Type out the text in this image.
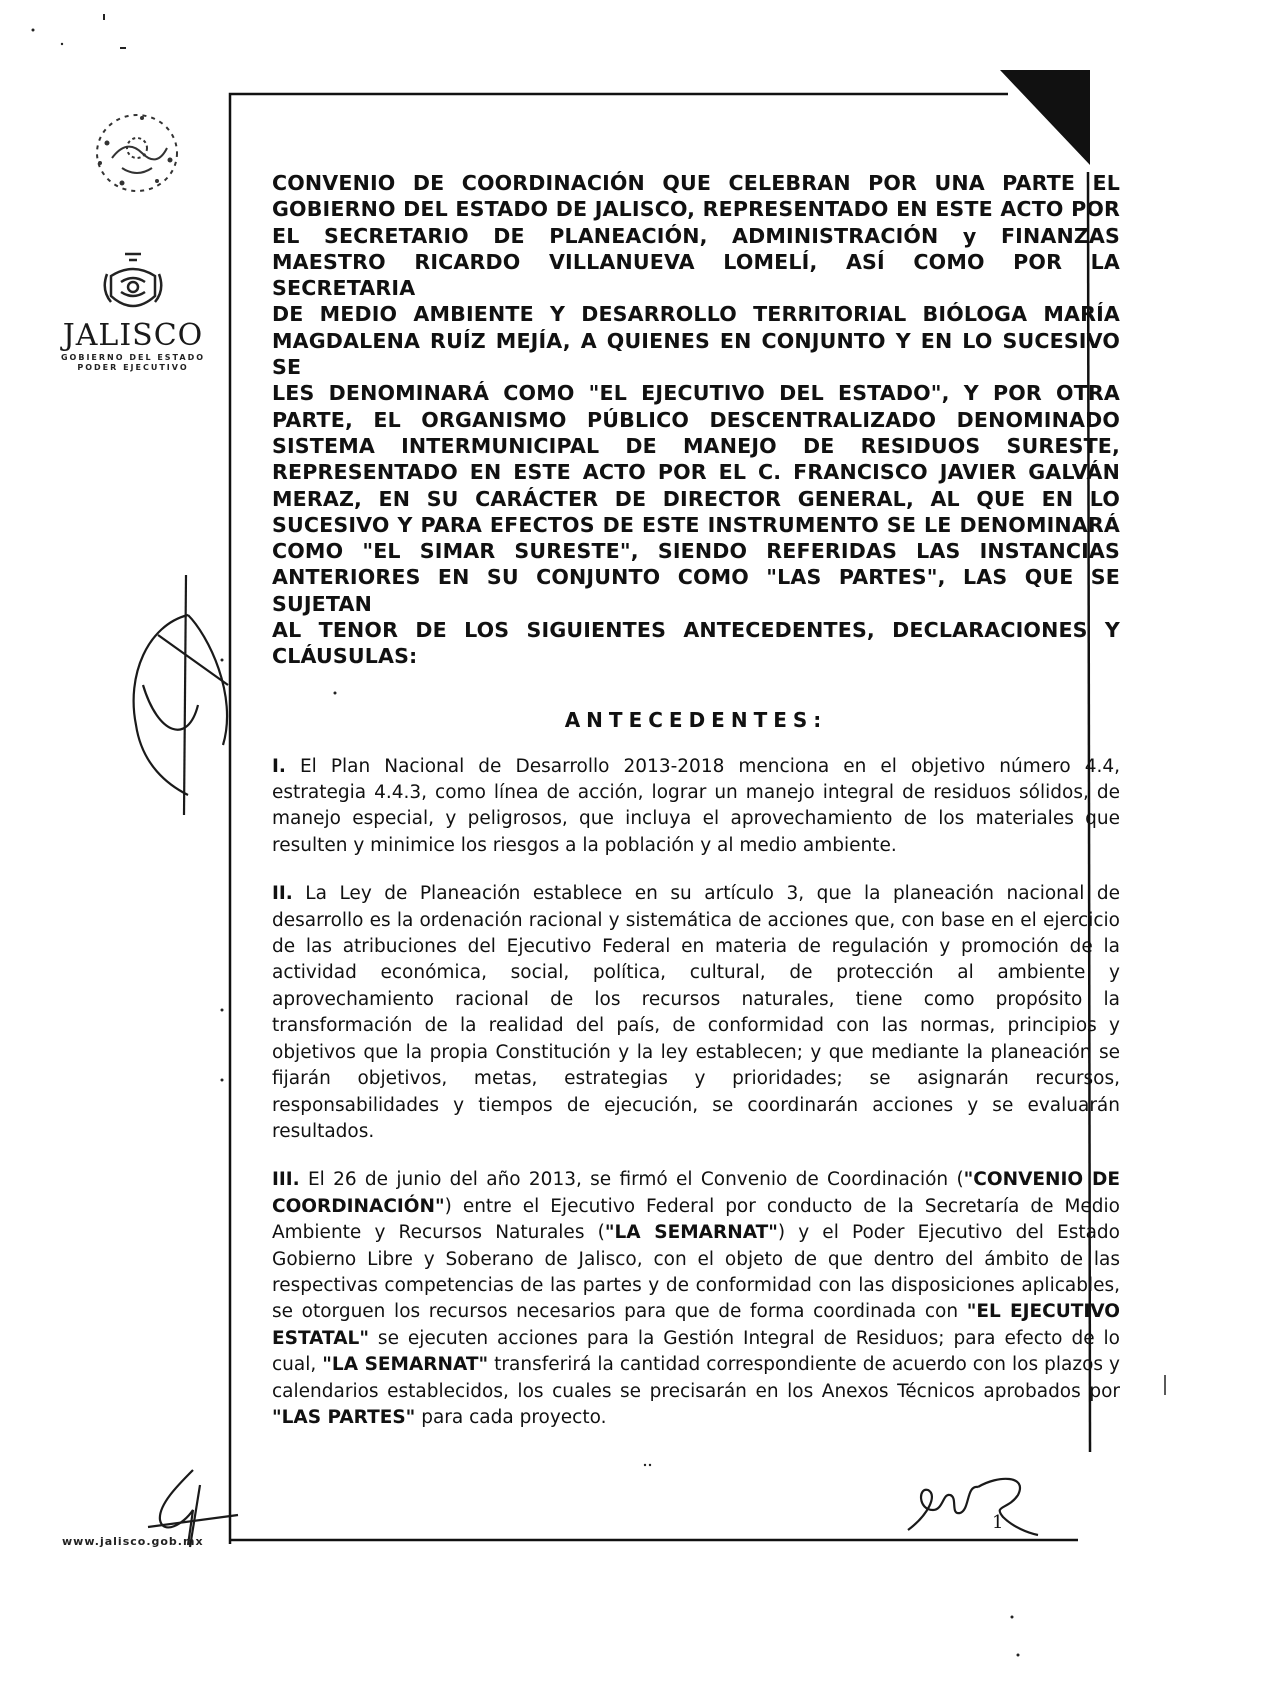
JALISCO
GOBIERNO DEL ESTADO
PODER EJECUTIVO
www.jalisco.gob.mx

CONVENIO DE COORDINACIÓN QUE CELEBRAN POR UNA PARTE EL

GOBIERNO DEL ESTADO DE JALISCO, REPRESENTADO EN ESTE ACTO POR

EL SECRETARIO DE PLANEACIÓN, ADMINISTRACIÓN y FINANZAS

MAESTRO RICARDO VILLANUEVA LOMELÍ, ASÍ COMO POR LA SECRETARIA

DE MEDIO AMBIENTE Y DESARROLLO TERRITORIAL BIÓLOGA MARÍA

MAGDALENA RUÍZ MEJÍA, A QUIENES EN CONJUNTO Y EN LO SUCESIVO SE

LES DENOMINARÁ COMO "EL EJECUTIVO DEL ESTADO", Y POR OTRA

PARTE, EL ORGANISMO PÚBLICO DESCENTRALIZADO DENOMINADO

SISTEMA INTERMUNICIPAL DE MANEJO DE RESIDUOS SURESTE,

REPRESENTADO EN ESTE ACTO POR EL C. FRANCISCO JAVIER GALVÁN

MERAZ, EN SU CARÁCTER DE DIRECTOR GENERAL, AL QUE EN LO

SUCESIVO Y PARA EFECTOS DE ESTE INSTRUMENTO SE LE DENOMINARÁ

COMO "EL SIMAR SURESTE", SIENDO REFERIDAS LAS INSTANCIAS

ANTERIORES EN SU CONJUNTO COMO "LAS PARTES", LAS QUE SE SUJETAN

AL TENOR DE LOS SIGUIENTES ANTECEDENTES, DECLARACIONES Y

CLÁUSULAS:

ANTECEDENTES:

I. El Plan Nacional de Desarrollo 2013-2018 menciona en el objetivo número 4.4, estrategia 4.4.3, como línea de acción, lograr un manejo integral de residuos sólidos, de manejo especial, y peligrosos, que incluya el aprovechamiento de los materiales que resulten y minimice los riesgos a la población y al medio ambiente.

II. La Ley de Planeación establece en su artículo 3, que la planeación nacional de desarrollo es la ordenación racional y sistemática de acciones que, con base en el ejercicio de las atribuciones del Ejecutivo Federal en materia de regulación y promoción de la actividad económica, social, política, cultural, de protección al ambiente y aprovechamiento racional de los recursos naturales, tiene como propósito la transformación de la realidad del país, de conformidad con las normas, principios y objetivos que la propia Constitución y la ley establecen; y que mediante la planeación se fijarán objetivos, metas, estrategias y prioridades; se asignarán recursos, responsabilidades y tiempos de ejecución, se coordinarán acciones y se evaluarán resultados.

III. El 26 de junio del año 2013, se firmó el Convenio de Coordinación ("CONVENIO DE COORDINACIÓN") entre el Ejecutivo Federal por conducto de la Secretaría de Medio Ambiente y Recursos Naturales ("LA SEMARNAT") y el Poder Ejecutivo del Estado Gobierno Libre y Soberano de Jalisco, con el objeto de que dentro del ámbito de las respectivas competencias de las partes y de conformidad con las disposiciones aplicables, se otorguen los recursos necesarios para que de forma coordinada con "EL EJECUTIVO ESTATAL" se ejecuten acciones para la Gestión Integral de Residuos; para efecto de lo cual, "LA SEMARNAT" transferirá la cantidad correspondiente de acuerdo con los plazos y calendarios establecidos, los cuales se precisarán en los Anexos Técnicos aprobados por "LAS PARTES" para cada proyecto.

1
